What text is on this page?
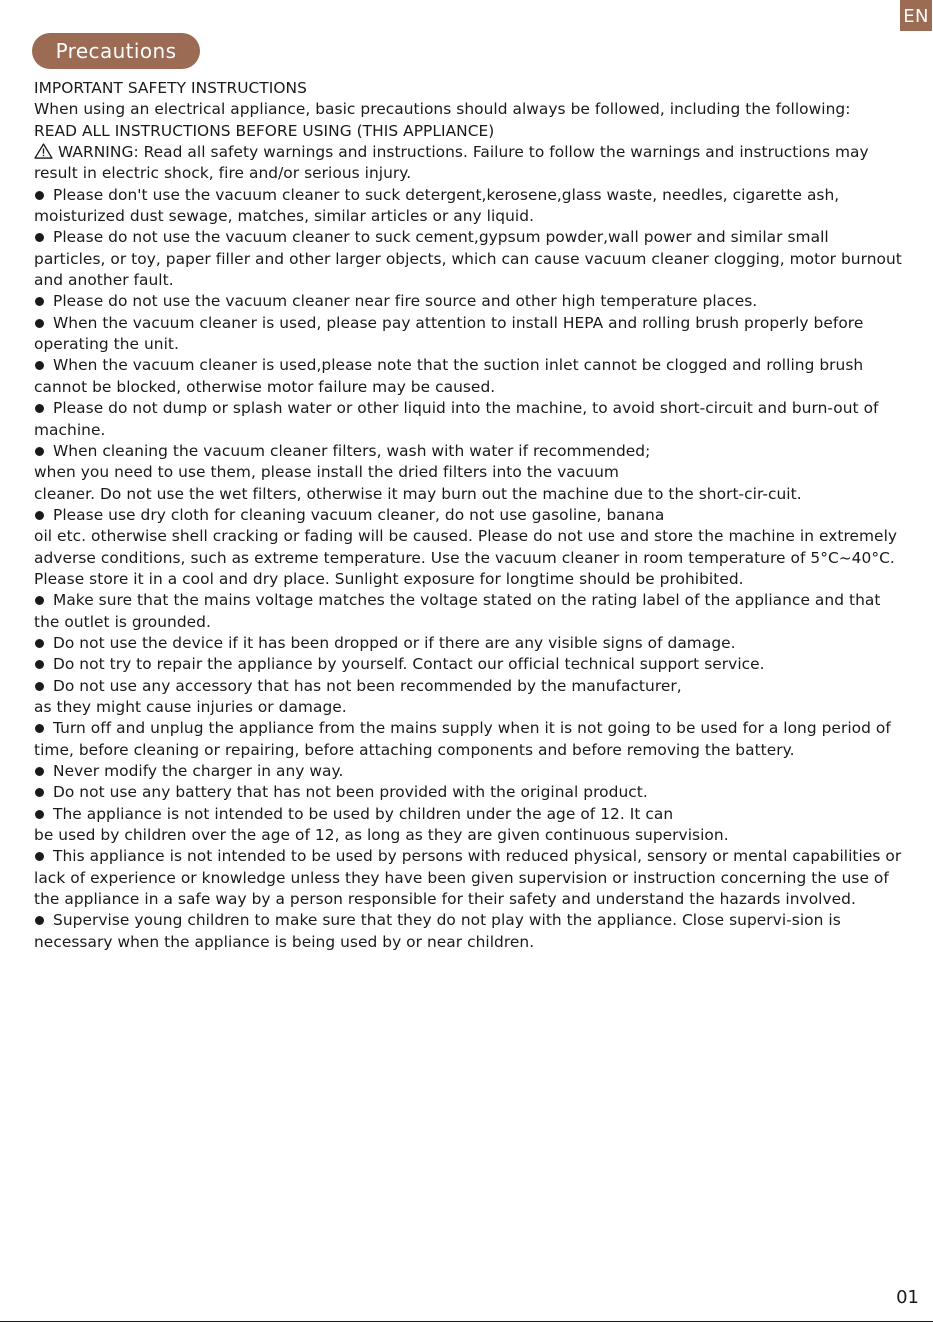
EN
Precautions

IMPORTANT SAFETY INSTRUCTIONS

When using an electrical appliance, basic precautions should always be followed, including the following:

READ ALL INSTRUCTIONS BEFORE USING (THIS APPLIANCE)

WARNING: Read all safety warnings and instructions. Failure to follow the warnings and instructions may result in electric shock, fire and/or serious injury.

Please don't use the vacuum cleaner to suck detergent,kerosene,glass waste, needles, cigarette ash, moisturized dust sewage, matches, similar articles or any liquid.

Please do not use the vacuum cleaner to suck cement,gypsum powder,wall power and similar small particles, or toy, paper filler and other larger objects, which can cause vacuum cleaner clogging, motor burnout and another fault.

Please do not use the vacuum cleaner near fire source and other high temperature places.

When the vacuum cleaner is used, please pay attention to install HEPA and rolling brush properly before operating the unit.

When the vacuum cleaner is used,please note that the suction inlet cannot be clogged and rolling brush cannot be blocked, otherwise motor failure may be caused.

Please do not dump or splash water or other liquid into the machine, to avoid short-circuit and burn-out of machine.

When cleaning the vacuum cleaner filters, wash with water if recommended;

when you need to use them, please install the dried filters into the vacuum

cleaner. Do not use the wet filters, otherwise it may burn out the machine due to the short-cir-cuit.

Please use dry cloth for cleaning vacuum cleaner, do not use gasoline, banana

oil etc. otherwise shell cracking or fading will be caused. Please do not use and store the machine in extremely adverse conditions, such as extreme temperature. Use the vacuum cleaner in room temperature of 5°C~40°C. Please store it in a cool and dry place. Sunlight exposure for longtime should be prohibited.

Make sure that the mains voltage matches the voltage stated on the rating label of the appliance and that the outlet is grounded.

Do not use the device if it has been dropped or if there are any visible signs of damage.

Do not try to repair the appliance by yourself. Contact our official technical support service.

Do not use any accessory that has not been recommended by the manufacturer,

as they might cause injuries or damage.

Turn off and unplug the appliance from the mains supply when it is not going to be used for a long period of time, before cleaning or repairing, before attaching components and before removing the battery.

Never modify the charger in any way.

Do not use any battery that has not been provided with the original product.

The appliance is not intended to be used by children under the age of 12. It can

be used by children over the age of 12, as long as they are given continuous supervision.

This appliance is not intended to be used by persons with reduced physical, sensory or mental capabilities or lack of experience or knowledge unless they have been given supervision or instruction concerning the use of the appliance in a safe way by a person responsible for their safety and understand the hazards involved.

Supervise young children to make sure that they do not play with the appliance. Close supervi-sion is necessary when the appliance is being used by or near children.

01
